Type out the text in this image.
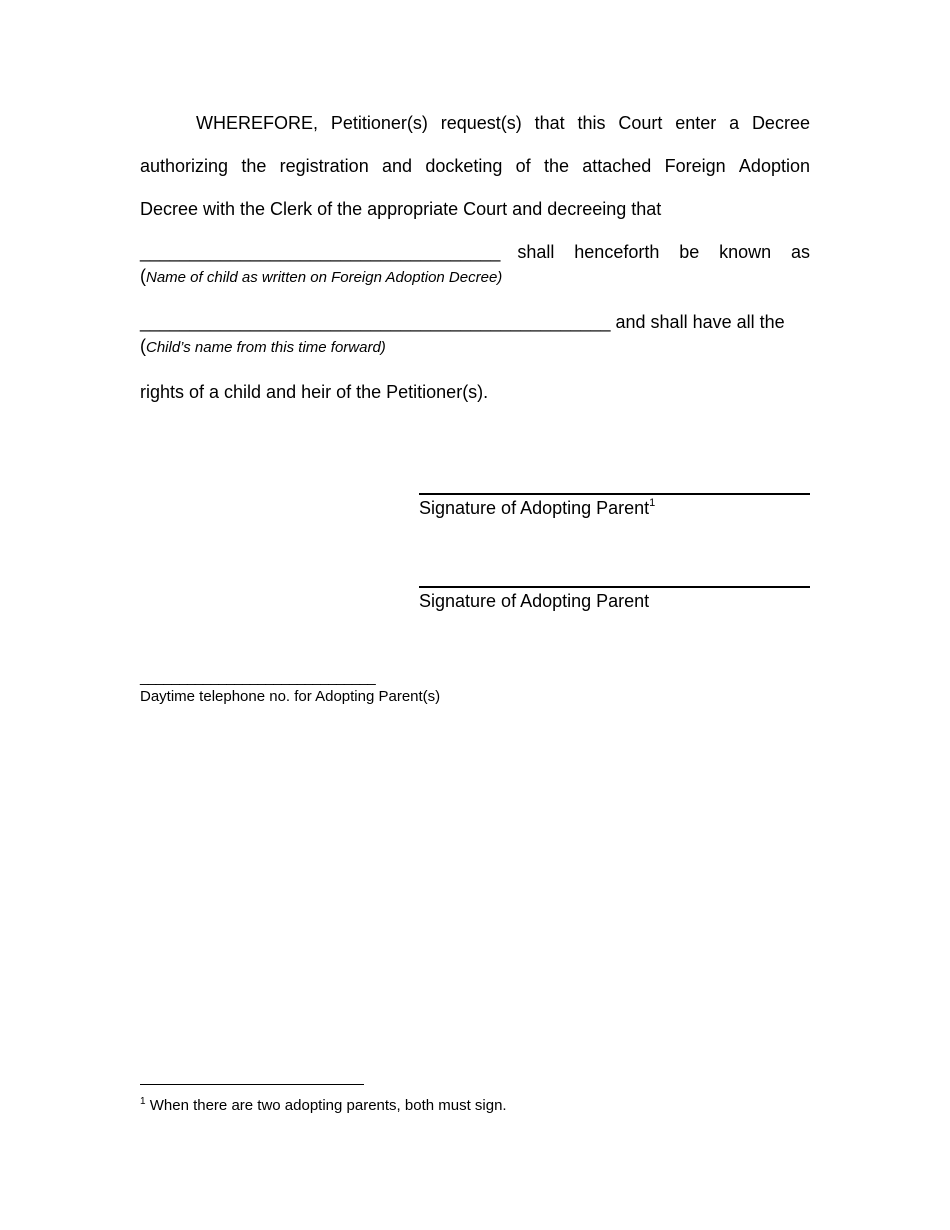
WHEREFORE, Petitioner(s) request(s) that this Court enter a Decree
authorizing the registration and docketing of the attached Foreign Adoption
Decree with the Clerk of the appropriate Court and decreeing that
____________________________________ shall henceforth be known as
(Name of child as written on Foreign Adoption Decree)
_______________________________________________ and shall have all the
(Child’s name from this time forward)
rights of a child and heir of the Petitioner(s).
Signature of Adopting Parent$^1$
Signature of Adopting Parent
______________________________
Daytime telephone no. for Adopting Parent(s)
$^1$ When there are two adopting parents, both must sign.
